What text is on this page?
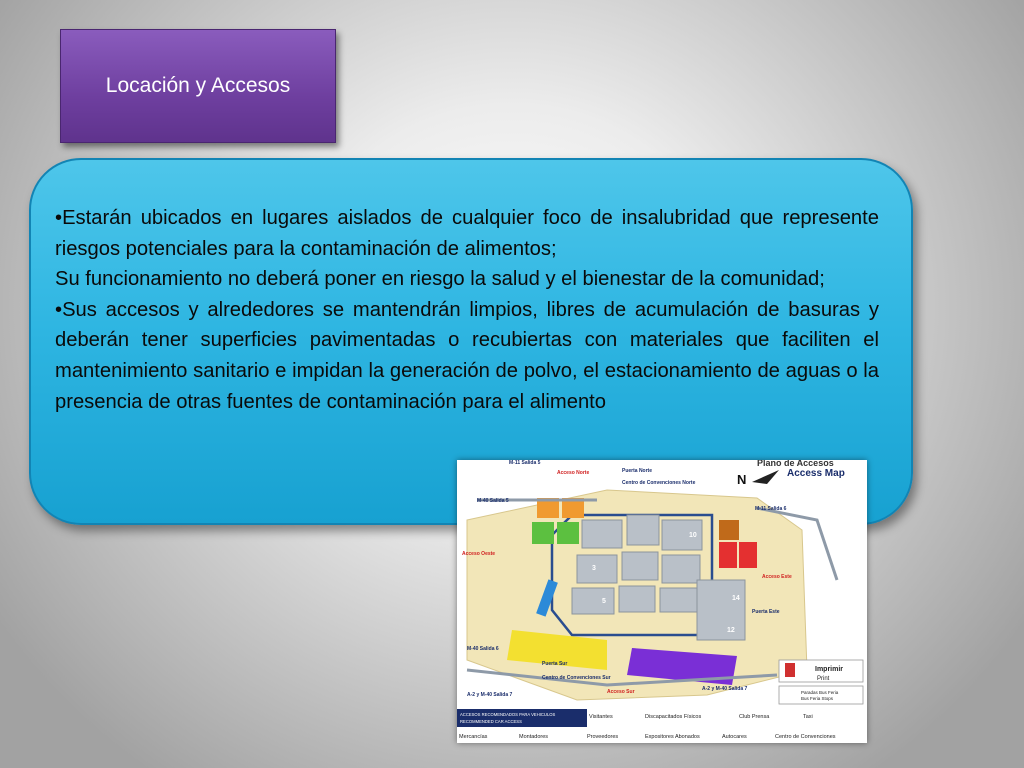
Locación y Accesos

•Estarán ubicados en lugares aislados de cualquier foco de insalubridad que represente riesgos potenciales para la contaminación de alimentos;

Su funcionamiento no deberá poner en riesgo la salud y el bienestar de la comunidad;

•Sus accesos y alrededores se mantendrán limpios, libres de acumulación de basuras y deberán tener superficies pavimentadas o recubiertas con materiales que faciliten el mantenimiento sanitario e impidan la generación de polvo, el estacionamiento de aguas o la presencia de otras fuentes de contaminación para el alimento

10
14
12
3
5
Plano de Accesos
Access Map
N
M-11 Salida 5
Acceso Norte	Puerta Norte
Centro de Convenciones Norte
M-40 Salida 5
M-11 Salida 6
Acceso Oeste
Acceso Este
Puerta Este
M-40 Salida 6
Puerta Sur
Centro de Convenciones Sur
Acceso Sur	A-2 y M-40 Salida 7
A-2 y M-40 Salida 7
Imprimir
Print
Paradas Bus Feria
Bus Feria Stops
ACCESOS RECOMENDADOS PARA VEHICULOS
RECOMMENDED CAR ACCESS
Visitantes	Discapacitados Físicos	Club Prensa	Taxi
Mercancías	Montadores	Proveedores	Expositores Abonados	Autocares	Centro de Convenciones
